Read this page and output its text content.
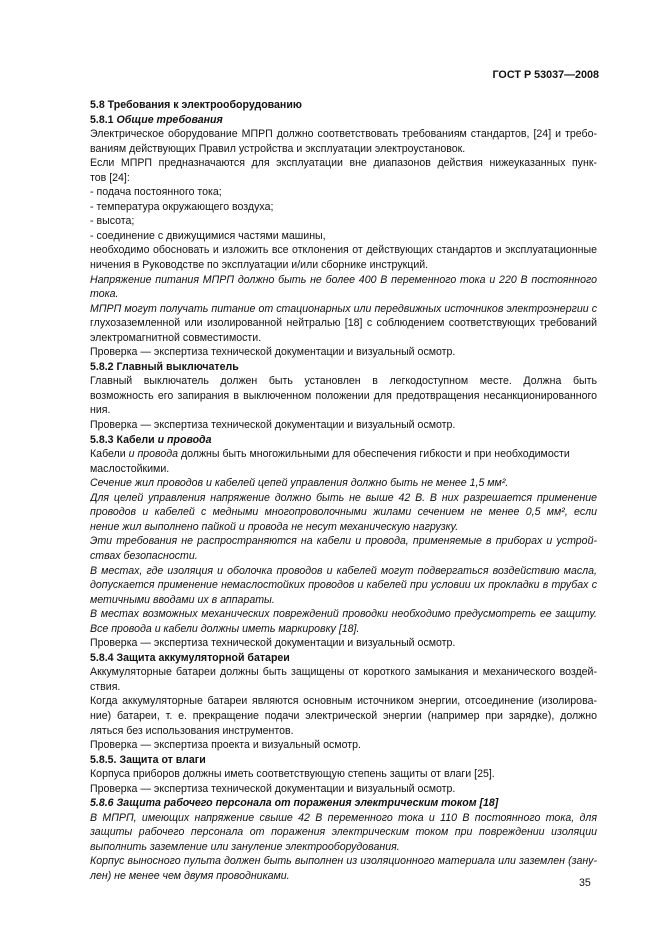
ГОСТ Р 53037—2008
5.8 Требования к электрооборудованию
5.8.1 Общие требования
Электрическое оборудование МПРП должно соответствовать требованиям стандартов, [24] и требо-
ваниям действующих Правил устройства и эксплуатации электроустановок.
Если МПРП предназначаются для эксплуатации вне диапазонов действия нижеуказанных пунк-
тов [24]:
- подача постоянного тока;
- температура окружающего воздуха;
- высота;
- соединение с движущимися частями машины,
необходимо обосновать и изложить все отклонения от действующих стандартов и эксплуатационные
ничения в Руководстве по эксплуатации и/или сборнике инструкций.
Напряжение питания МПРП должно быть не более 400 В переменного тока и 220 В постоянного
тока.
МПРП могут получать питание от стационарных или передвижных источников электроэнергии с
глухозаземленной или изолированной нейтралью [18] с соблюдением соответствующих требований
электромагнитной совместимости.
Проверка — экспертиза технической документации и визуальный осмотр.
5.8.2 Главный выключатель
Главный выключатель должен быть установлен в легкодоступном месте. Должна быть
возможность его запирания в выключенном положении для предотвращения несанкционированного
ния.
Проверка — экспертиза технической документации и визуальный осмотр.
5.8.3 Кабели и провода
Кабели и провода должны быть многожильными для обеспечения гибкости и при необходимости
маслостойкими.
Сечение жил проводов и кабелей цепей управления должно быть не менее 1,5 мм².
Для целей управления напряжение должно быть не выше 42 В. В них разрешается применение
проводов и кабелей с медными многопроволочными жилами сечением не менее 0,5 мм², если
нение жил выполнено пайкой и провода не несут механическую нагрузку.
Эти требования не распространяются на кабели и провода, применяемые в приборах и устрой-
ствах безопасности.
В местах, где изоляция и оболочка проводов и кабелей могут подвергаться воздействию масла,
допускается применение немаслостойких проводов и кабелей при условии их прокладки в трубах с
метичными вводами их в аппараты.
В местах возможных механических повреждений проводки необходимо предусмотреть ее защиту.
Все провода и кабели должны иметь маркировку [18].
Проверка — экспертиза технической документации и визуальный осмотр.
5.8.4 Защита аккумуляторной батареи
Аккумуляторные батареи должны быть защищены от короткого замыкания и механического воздей-
ствия.
Когда аккумуляторные батареи являются основным источником энергии, отсоединение (изолирова-
ние) батареи, т. е. прекращение подачи электрической энергии (например при зарядке), должно
ляться без использования инструментов.
Проверка — экспертиза проекта и визуальный осмотр.
5.8.5. Защита от влаги
Корпуса приборов должны иметь соответствующую степень защиты от влаги [25].
Проверка — экспертиза технической документации и визуальный осмотр.
5.8.6 Защита рабочего персонала от поражения электрическим током [18]
В МПРП, имеющих напряжение свыше 42 В переменного тока и 110 В постоянного тока, для
защиты рабочего персонала от поражения электрическим током при повреждении изоляции
выполнить заземление или зануление электрооборудования.
Корпус выносного пульта должен быть выполнен из изоляционного материала или заземлен (зану-
лен) не менее чем двумя проводниками.
35
